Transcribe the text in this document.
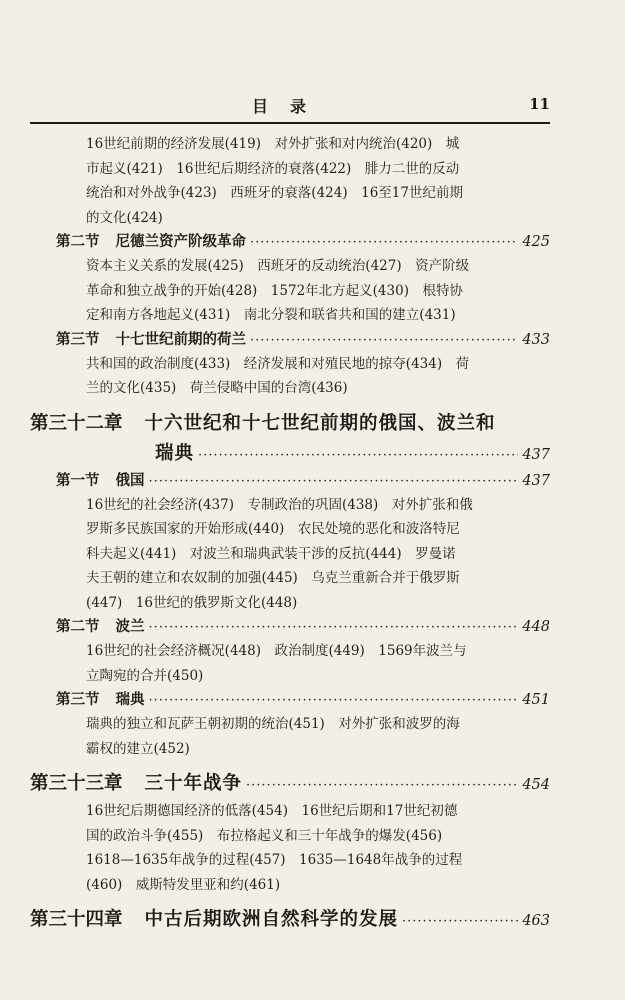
目录	11
16世纪前期的经济发展(419)　对外扩张和对内统治(420)　城
市起义(421)　16世纪后期经济的衰落(422)　腓力二世的反动
统治和对外战争(423)　西班牙的衰落(424)　16至17世纪前期
的文化(424)
第二节 尼德兰资产阶级革命 ·····	425
资本主义关系的发展(425)　西班牙的反动统治(427)　资产阶级
革命和独立战争的开始(428)　1572年北方起义(430)　根特协
定和南方各地起义(431)　南北分裂和联省共和国的建立(431)
第三节 十七世纪前期的荷兰 ·····	433
共和国的政治制度(433)　经济发展和对殖民地的掠夺(434)　荷
兰的文化(435)　荷兰侵略中国的台湾(436)
第三十二章 十六世纪和十七世纪前期的俄国、波兰和
瑞典 ·····	437
第一节 俄国 ·····	437
16世纪的社会经济(437)　专制政治的巩固(438)　对外扩张和俄
罗斯多民族国家的开始形成(440)　农民处境的恶化和波洛特尼
科夫起义(441)　对波兰和瑞典武装干涉的反抗(444)　罗曼诺
夫王朝的建立和农奴制的加强(445)　乌克兰重新合并于俄罗斯
(447)　16世纪的俄罗斯文化(448)
第二节 波兰 ·····	448
16世纪的社会经济概况(448)　政治制度(449)　1569年波兰与
立陶宛的合并(450)
第三节 瑞典 ·····	451
瑞典的独立和瓦萨王朝初期的统治(451)　对外扩张和波罗的海
霸权的建立(452)
第三十三章 三十年战争 ·····	454
16世纪后期德国经济的低落(454)　16世纪后期和17世纪初德
国的政治斗争(455)　布拉格起义和三十年战争的爆发(456)
1618—1635年战争的过程(457)　1635—1648年战争的过程
(460)　威斯特发里亚和约(461)
第三十四章 中古后期欧洲自然科学的发展 ·····	463
